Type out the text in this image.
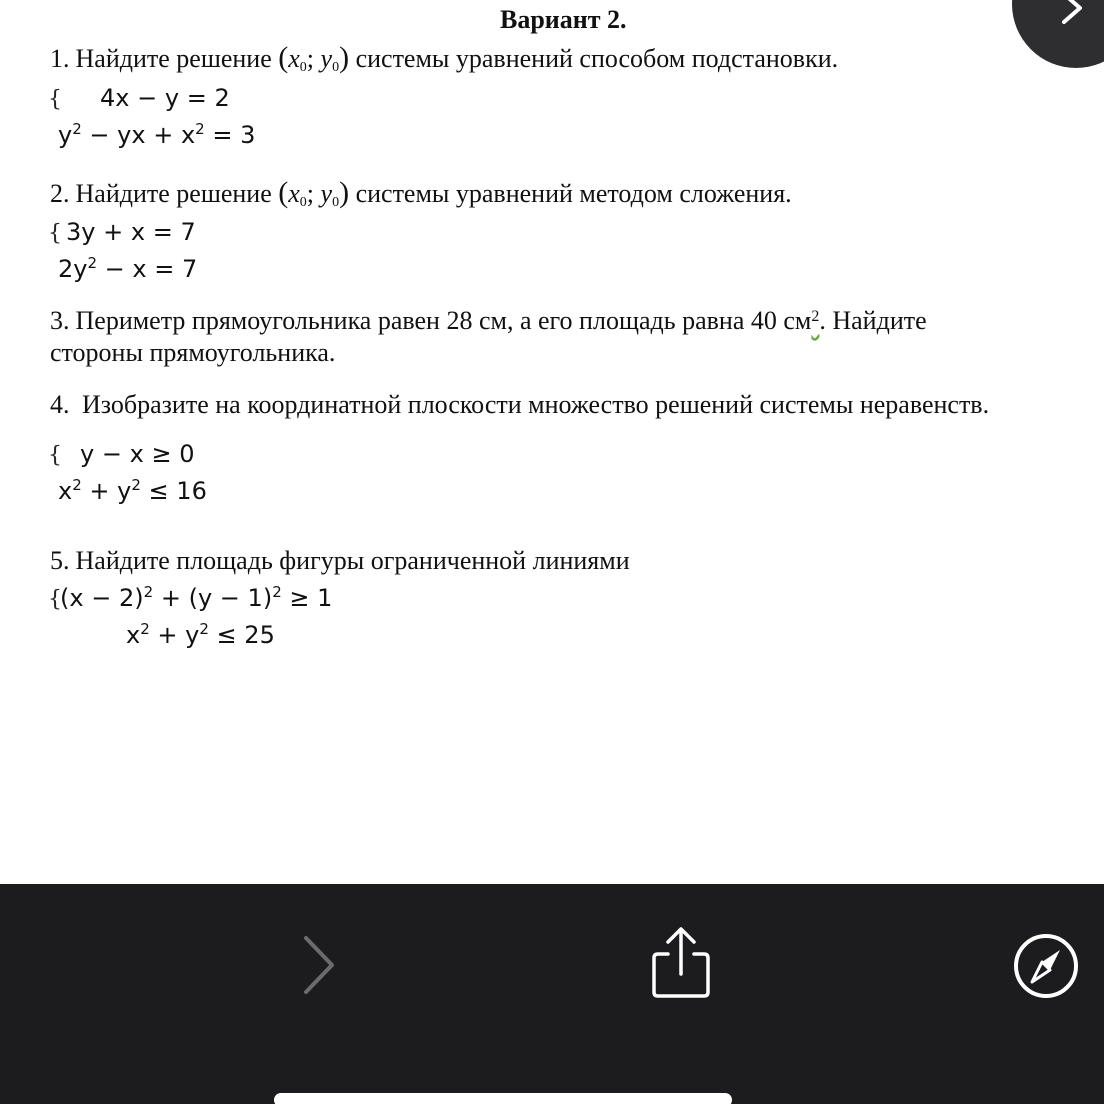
Вариант 2.
1. Найдите решение ($x_0$; $y_0$) системы уравнений способом подстановки.
{ 4x − y = 2
$y^2$ − yx + $x^2 = 3$
2. Найдите решение ($x_0$; $y_0$) системы уравнений методом сложения.
{ 3y + x = 7
$2y^2 - x = 7$
3. Периметр прямоугольника равен 28 см, а его площадь равна 40 $см^2$. Найдите
стороны прямоугольника.
4. Изобразите на координатной плоскости множество решений системы неравенств.
{ y − x ≥ 0
$x^2 + y^2 \le 16$
5. Найдите площадь фигуры ограниченной линиями
{
$(x - 2)^2 + (y - 1)^2 \ge 1$
$x^2 + y^2 \le 25$
